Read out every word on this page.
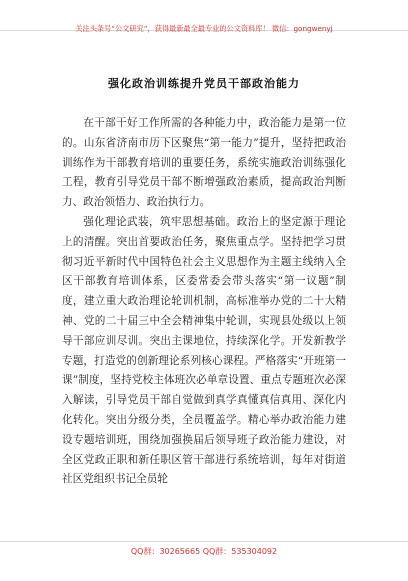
关注头条号“公文研究”，获得最新最全最专业的公文资料库！ 微信：gongwenyj
强化政治训练提升党员干部政治能力

在干部干好工作所需的各种能力中，政治能力是第一位的。山东省济南市历下区聚焦“第一能力”提升，坚持把政治训练作为干部教育培训的重要任务，系统实施政治训练强化工程，教育引导党员干部不断增强政治素质，提高政治判断力、政治领悟力、政治执行力。

强化理论武装，筑牢思想基础。政治上的坚定源于理论上的清醒。突出首要政治任务，聚焦重点学。坚持把学习贯彻习近平新时代中国特色社会主义思想作为主题主线纳入全区干部教育培训体系，区委常委会带头落实“第一议题”制度，建立重大政治理论轮训机制，高标准举办党的二十大精神、党的二十届三中全会精神集中轮训，实现县处级以上领导干部应训尽训。突出主课地位，持续深化学。开发新教学专题，打造党的创新理论系列核心课程。严格落实“开班第一课”制度，坚持党校主体班次必单章设置、重点专题班次必深入解读，引导党员干部自觉做到真学真懂真信真用、深化内化转化。突出分级分类，全员覆盖学。精心举办政治能力建设专题培训班，围绕加强换届后领导班子政治能力建设，对全区党政正职和新任职区管干部进行系统培训，每年对街道社区党组织书记全员轮

QQ群：30265665 QQ群：535304092
